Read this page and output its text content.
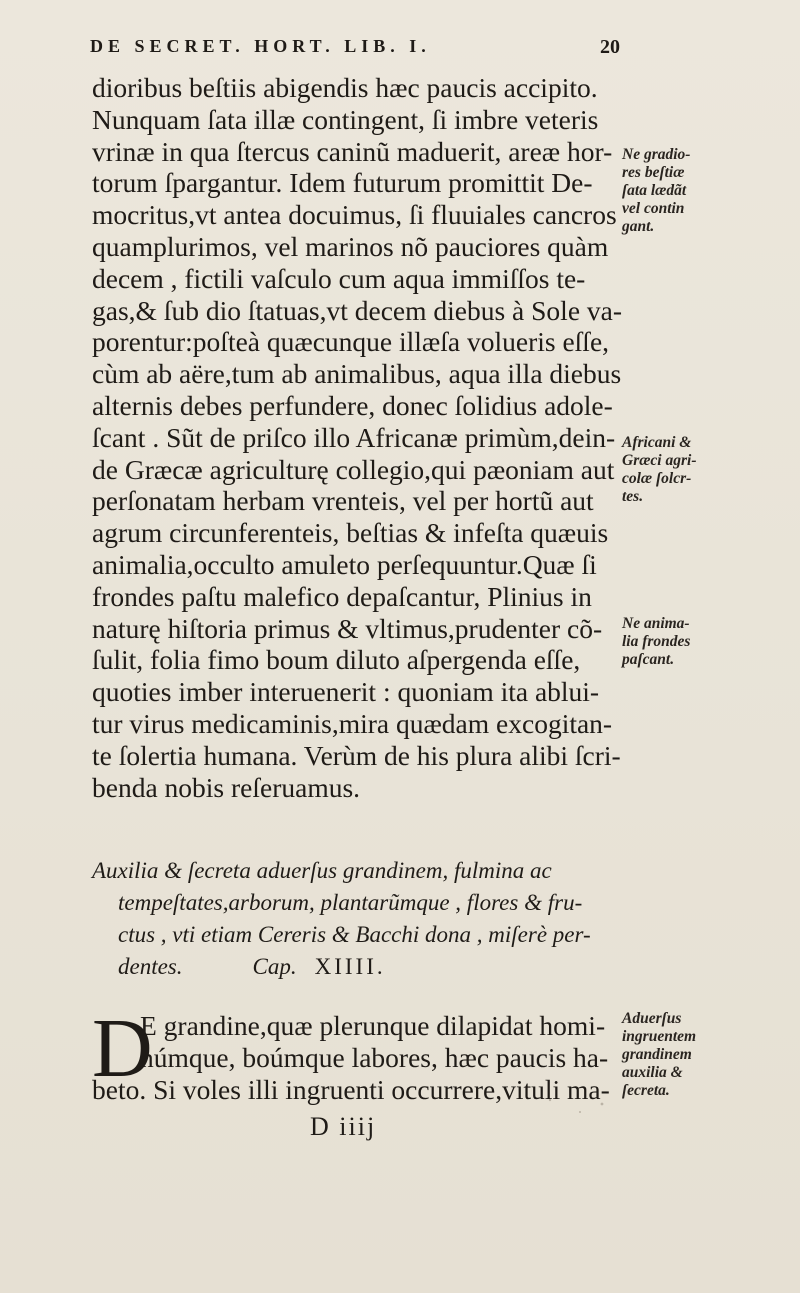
DE SECRET. HORT. LIB. I.	20
dioribus beſtiis abigendis hæc paucis accipito.
Nunquam ſata illæ contingent, ſi imbre veteris
vrinæ in qua ſtercus caninũ maduerit, areæ hor-
torum ſpargantur. Idem futurum promittit De-
mocritus,vt antea docuimus, ſi fluuiales cancros
quamplurimos, vel marinos nõ pauciores quàm
decem , fictili vaſculo cum aqua immiſſos te-
gas,& ſub dio ſtatuas,vt decem diebus à Sole va-
porentur:poſteà quæcunque illæſa volueris eſſe,
cùm ab aëre,tum ab animalibus, aqua illa diebus
alternis debes perfundere, donec ſolidius adole-
ſcant . Sũt de priſco illo Africanæ primùm,dein-
de Græcæ agriculturę collegio,qui pæoniam aut
perſonatam herbam vrenteis, vel per hortũ aut
agrum circunferenteis, beſtias & infeſta quæuis
animalia,occulto amuleto perſequuntur.Quæ ſi
frondes paſtu malefico depaſcantur, Plinius in
naturę hiſtoria primus & vltimus,prudenter cõ-
ſulit, folia fimo boum diluto aſpergenda eſſe,
quoties imber interuenerit : quoniam ita ablui-
tur virus medicaminis,mira quædam excogitan-
te ſolertia humana. Verùm de his plura alibi ſcri-
benda nobis reſeruamus.
Ne gradio-
res beſtiæ
ſata lædãt
vel contin
gant.
Africani &
Græci agri-
colæ ſolcr-
tes.
Ne anima-
lia frondes
paſcant.
Aduerſus
ingruentem
grandinem
auxilia &
ſecreta.
Auxilia & ſecreta aduerſus grandinem, fulmina ac
tempeſtates,arborum, plantarũmque , flores & fru-
ctus , vti etiam Cereris & Bacchi dona , miſerè per-
dentes.	Cap. XIIII.
D
E grandine,quæ plerunque dilapidat homi-
númque, boúmque labores, hæc paucis ha-
beto. Si voles illi ingruenti occurrere,vituli ma-
D iiij
